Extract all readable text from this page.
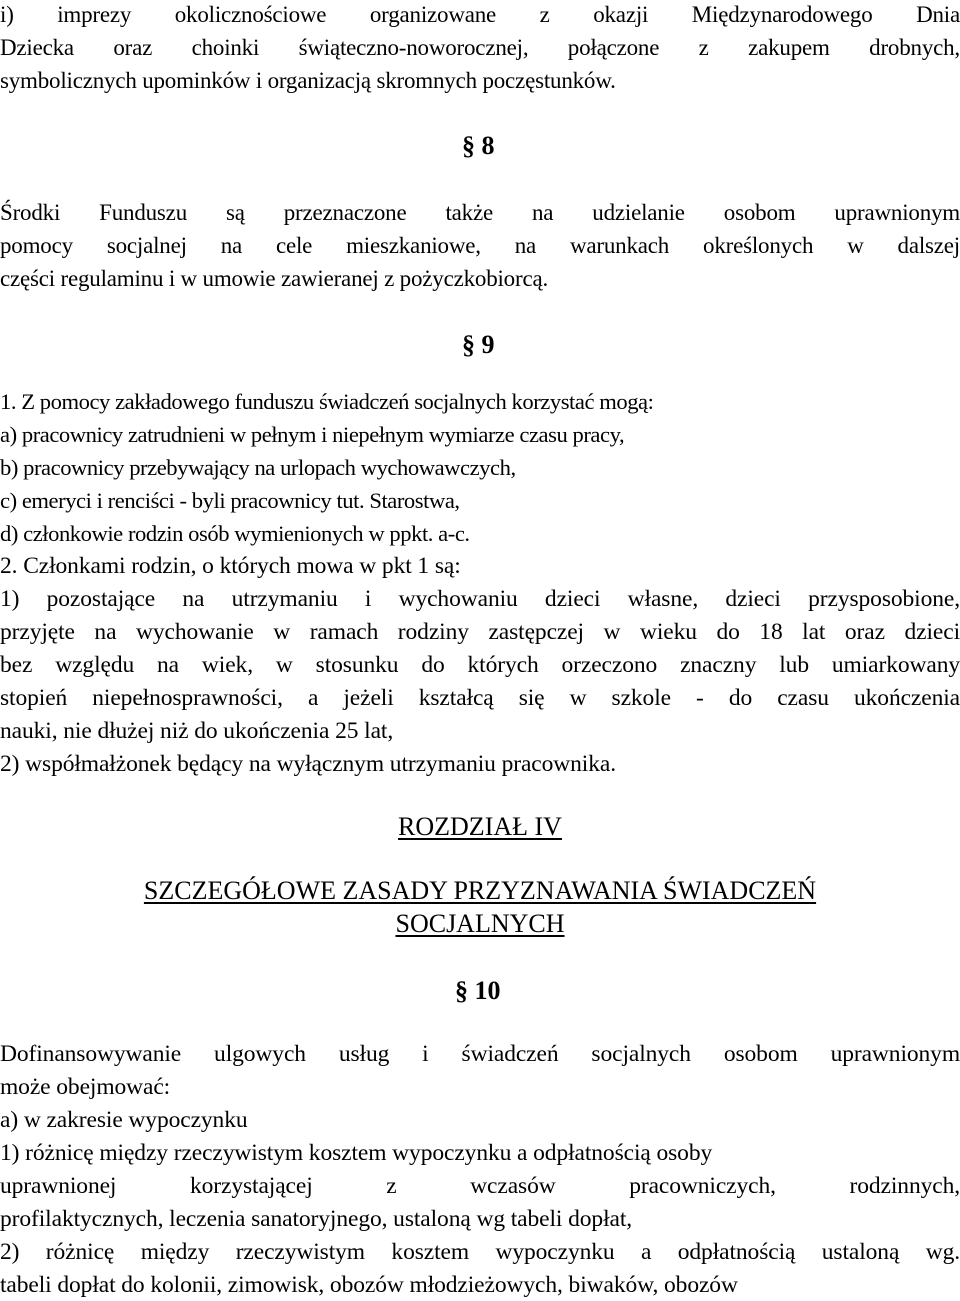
i) imprezy okolicznościowe organizowane z okazji Międzynarodowego Dnia
Dziecka oraz choinki świąteczno-noworocznej, połączone z zakupem drobnych,
symbolicznych upominków i organizacją skromnych poczęstunków.
§ 8
Środki Funduszu są przeznaczone także na udzielanie osobom uprawnionym
pomocy socjalnej na cele mieszkaniowe, na warunkach określonych w dalszej
części regulaminu i w umowie zawieranej z pożyczkobiorcą.
§ 9
1. Z pomocy zakładowego funduszu świadczeń socjalnych korzystać mogą:
a) pracownicy zatrudnieni w pełnym i niepełnym wymiarze czasu pracy,
b) pracownicy przebywający na urlopach wychowawczych,
c) emeryci i renciści - byli pracownicy tut. Starostwa,
d) członkowie rodzin osób wymienionych w ppkt. a-c.
2. Członkami rodzin, o których mowa w pkt 1 są:
1) pozostające na utrzymaniu i wychowaniu dzieci własne, dzieci przysposobione,
przyjęte na wychowanie w ramach rodziny zastępczej w wieku do 18 lat oraz dzieci
bez względu na wiek, w stosunku do których orzeczono znaczny lub umiarkowany
stopień niepełnosprawności, a jeżeli kształcą się w szkole - do czasu ukończenia
nauki, nie dłużej niż do ukończenia 25 lat,
2) współmałżonek będący na wyłącznym utrzymaniu pracownika.
ROZDZIAŁ IV
SZCZEGÓŁOWE ZASADY PRZYZNAWANIA ŚWIADCZEŃ
SOCJALNYCH
§ 10
Dofinansowywanie ulgowych usług i świadczeń socjalnych osobom uprawnionym
może obejmować:
a) w zakresie wypoczynku
1) różnicę między rzeczywistym kosztem wypoczynku a odpłatnością osoby
uprawnionej korzystającej z wczasów pracowniczych, rodzinnych,
profilaktycznych, leczenia sanatoryjnego, ustaloną wg tabeli dopłat,
2) różnicę między rzeczywistym kosztem wypoczynku a odpłatnością ustaloną wg.
tabeli dopłat do kolonii, zimowisk, obozów młodzieżowych, biwaków, obozów
